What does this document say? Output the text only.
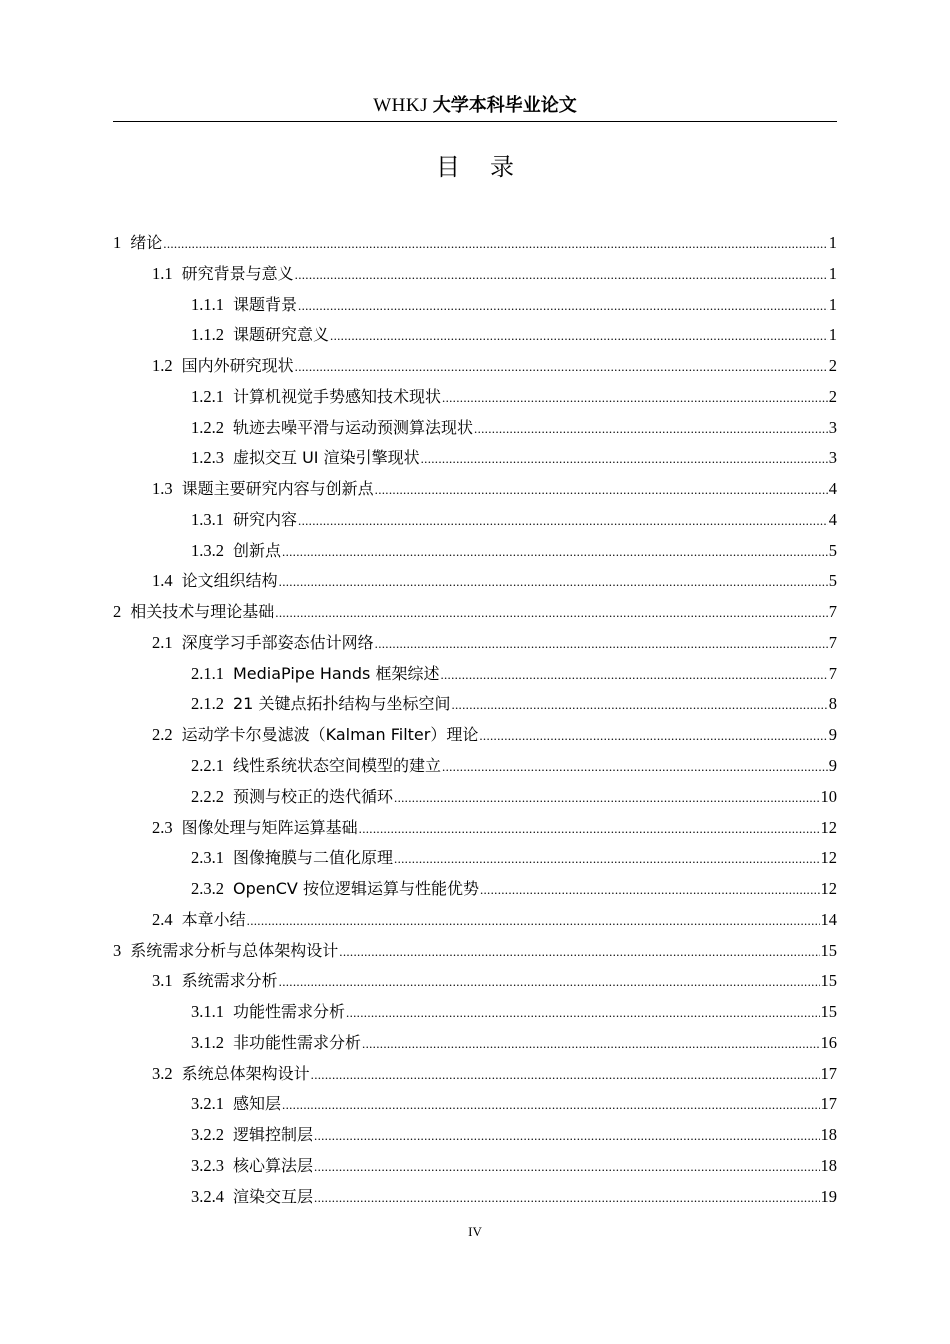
WHKJ 大学本科毕业论文
目 录
1 绪论 .....	1
1.1 研究背景与意义 .....	1
1.1.1 课题背景 .....	1
1.1.2 课题研究意义 .....	1
1.2 国内外研究现状 .....	2
1.2.1 计算机视觉手势感知技术现状 .....	2
1.2.2 轨迹去噪平滑与运动预测算法现状 .....	3
1.2.3 虚拟交互 UI 渲染引擎现状 .....	3
1.3 课题主要研究内容与创新点 .....	4
1.3.1 研究内容 .....	4
1.3.2 创新点 .....	5
1.4 论文组织结构 .....	5
2 相关技术与理论基础 .....	7
2.1 深度学习手部姿态估计网络 .....	7
2.1.1 MediaPipe Hands 框架综述 .....	7
2.1.2 21 关键点拓扑结构与坐标空间 .....	8
2.2 运动学卡尔曼滤波（Kalman Filter）理论 .....	9
2.2.1 线性系统状态空间模型的建立 .....	9
2.2.2 预测与校正的迭代循环 .....	10
2.3 图像处理与矩阵运算基础 .....	12
2.3.1 图像掩膜与二值化原理 .....	12
2.3.2 OpenCV 按位逻辑运算与性能优势 .....	12
2.4 本章小结 .....	14
3 系统需求分析与总体架构设计 .....	15
3.1 系统需求分析 .....	15
3.1.1 功能性需求分析 .....	15
3.1.2 非功能性需求分析 .....	16
3.2 系统总体架构设计 .....	17
3.2.1 感知层 .....	17
3.2.2 逻辑控制层 .....	18
3.2.3 核心算法层 .....	18
3.2.4 渲染交互层 .....	19
IV
